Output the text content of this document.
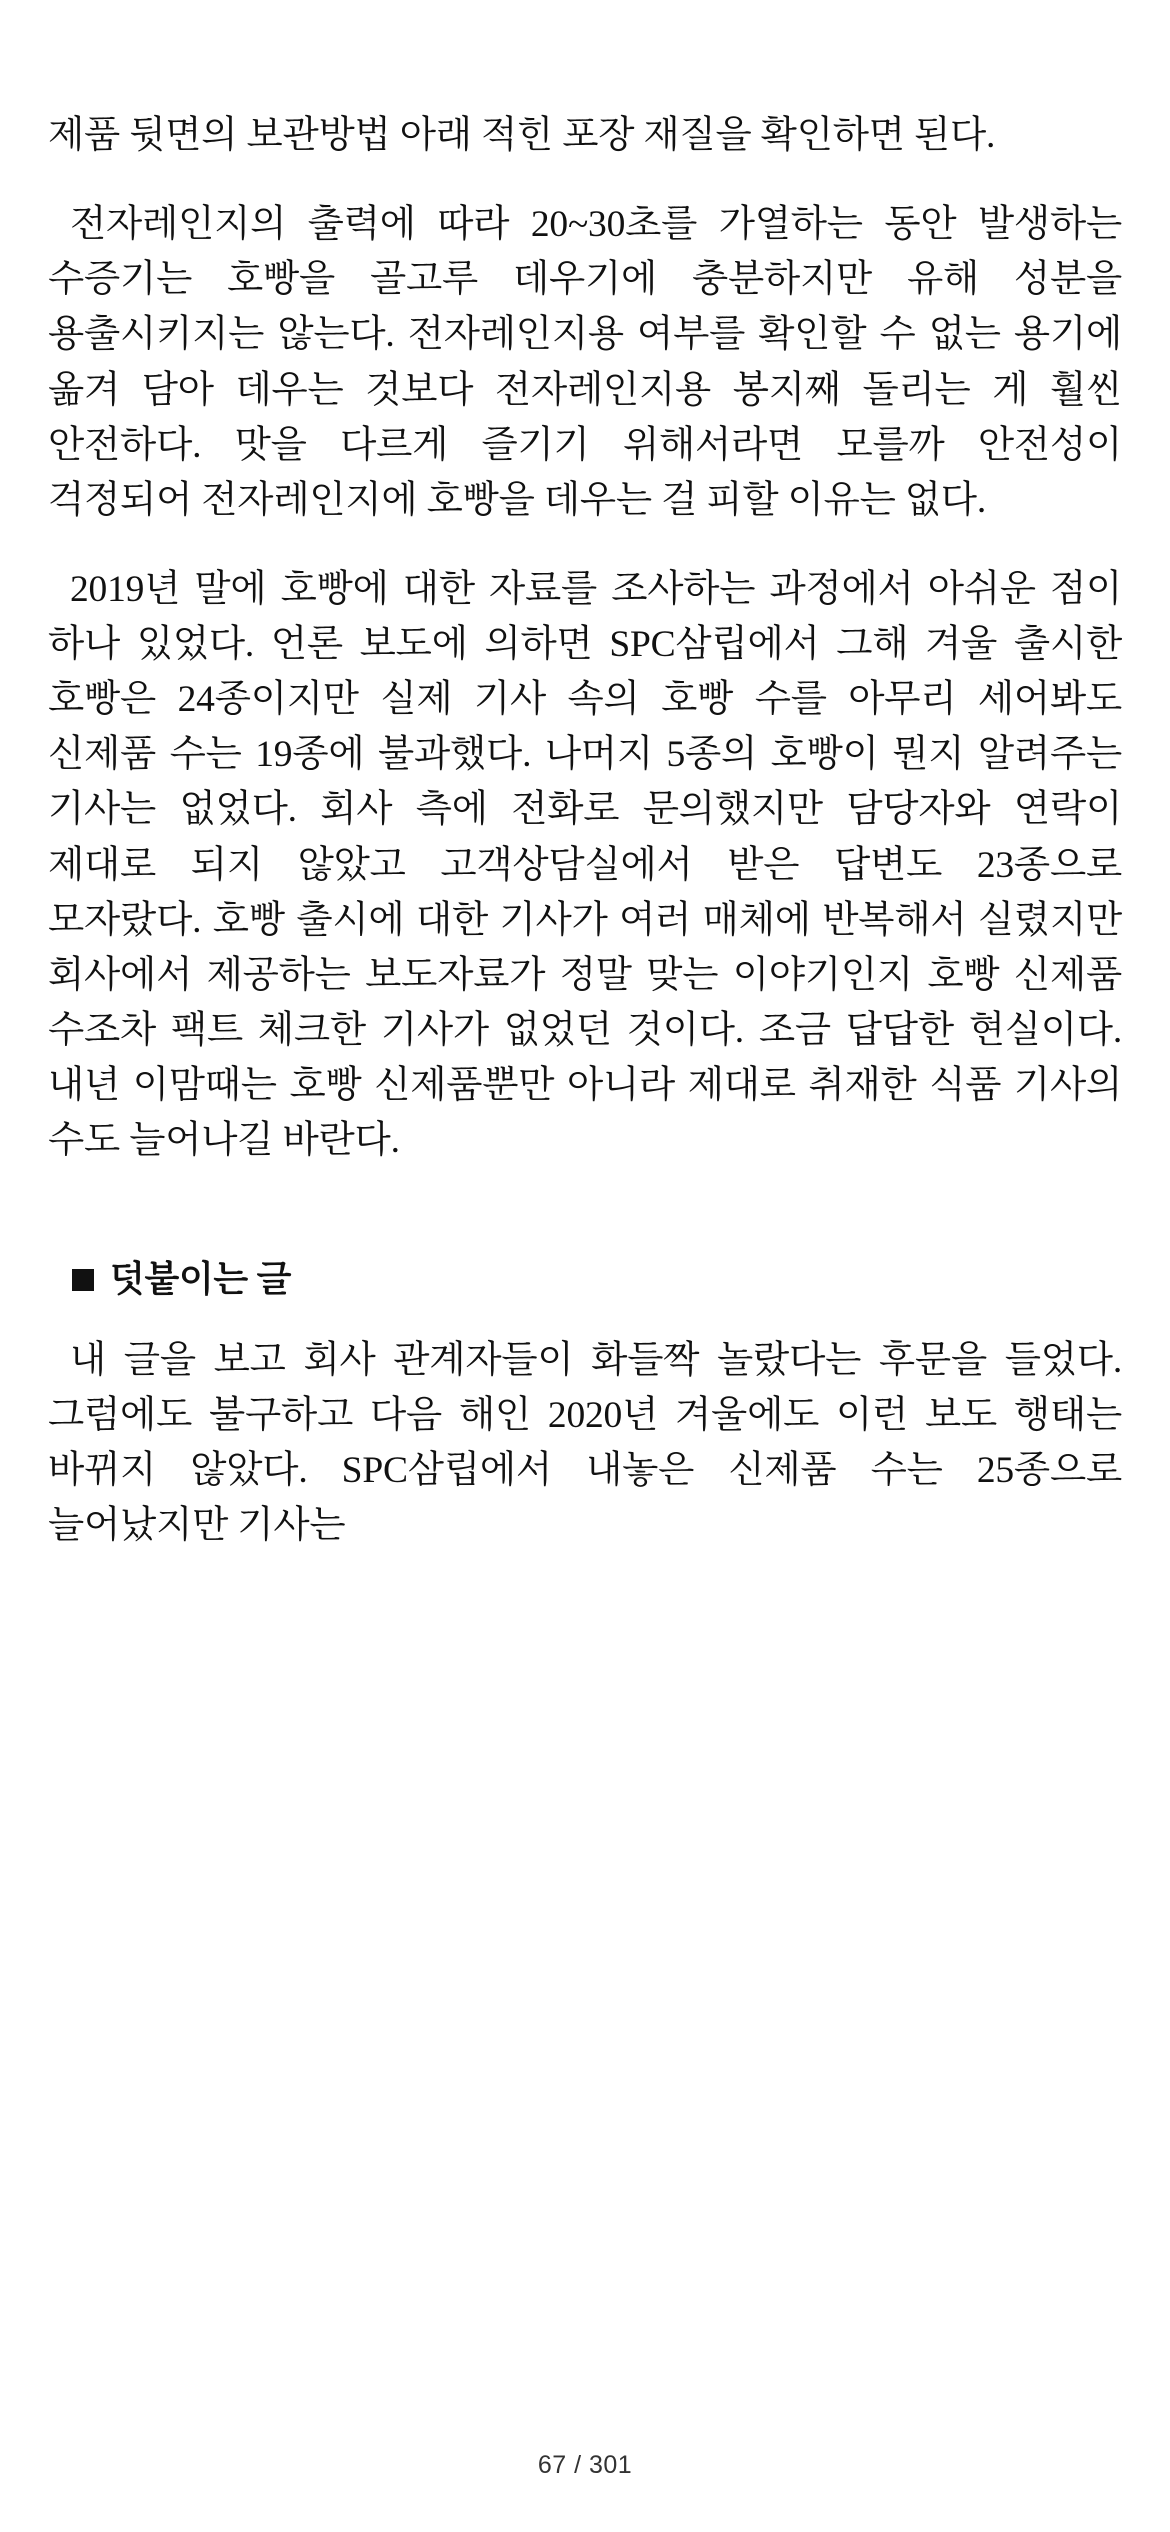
제품 뒷면의 보관방법 아래 적힌 포장 재질을 확인하면 된다.

전자레인지의 출력에 따라 20~30초를 가열하는 동안 발생하는 수증기는 호빵을 골고루 데우기에 충분하지만 유해 성분을 용출시키지는 않는다. 전자레인지용 여부를 확인할 수 없는 용기에 옮겨 담아 데우는 것보다 전자레인지용 봉지째 돌리는 게 훨씬 안전하다. 맛을 다르게 즐기기 위해서라면 모를까 안전성이 걱정되어 전자레인지에 호빵을 데우는 걸 피할 이유는 없다.

2019년 말에 호빵에 대한 자료를 조사하는 과정에서 아쉬운 점이 하나 있었다. 언론 보도에 의하면 SPC삼립에서 그해 겨울 출시한 호빵은 24종이지만 실제 기사 속의 호빵 수를 아무리 세어봐도 신제품 수는 19종에 불과했다. 나머지 5종의 호빵이 뭔지 알려주는 기사는 없었다. 회사 측에 전화로 문의했지만 담당자와 연락이 제대로 되지 않았고 고객상담실에서 받은 답변도 23종으로 모자랐다. 호빵 출시에 대한 기사가 여러 매체에 반복해서 실렸지만 회사에서 제공하는 보도자료가 정말 맞는 이야기인지 호빵 신제품 수조차 팩트 체크한 기사가 없었던 것이다. 조금 답답한 현실이다. 내년 이맘때는 호빵 신제품뿐만 아니라 제대로 취재한 식품 기사의 수도 늘어나길 바란다.

덧붙이는 글

내 글을 보고 회사 관계자들이 화들짝 놀랐다는 후문을 들었다. 그럼에도 불구하고 다음 해인 2020년 겨울에도 이런 보도 행태는 바뀌지 않았다. SPC삼립에서 내놓은 신제품 수는 25종으로 늘어났지만 기사는

67 / 301
